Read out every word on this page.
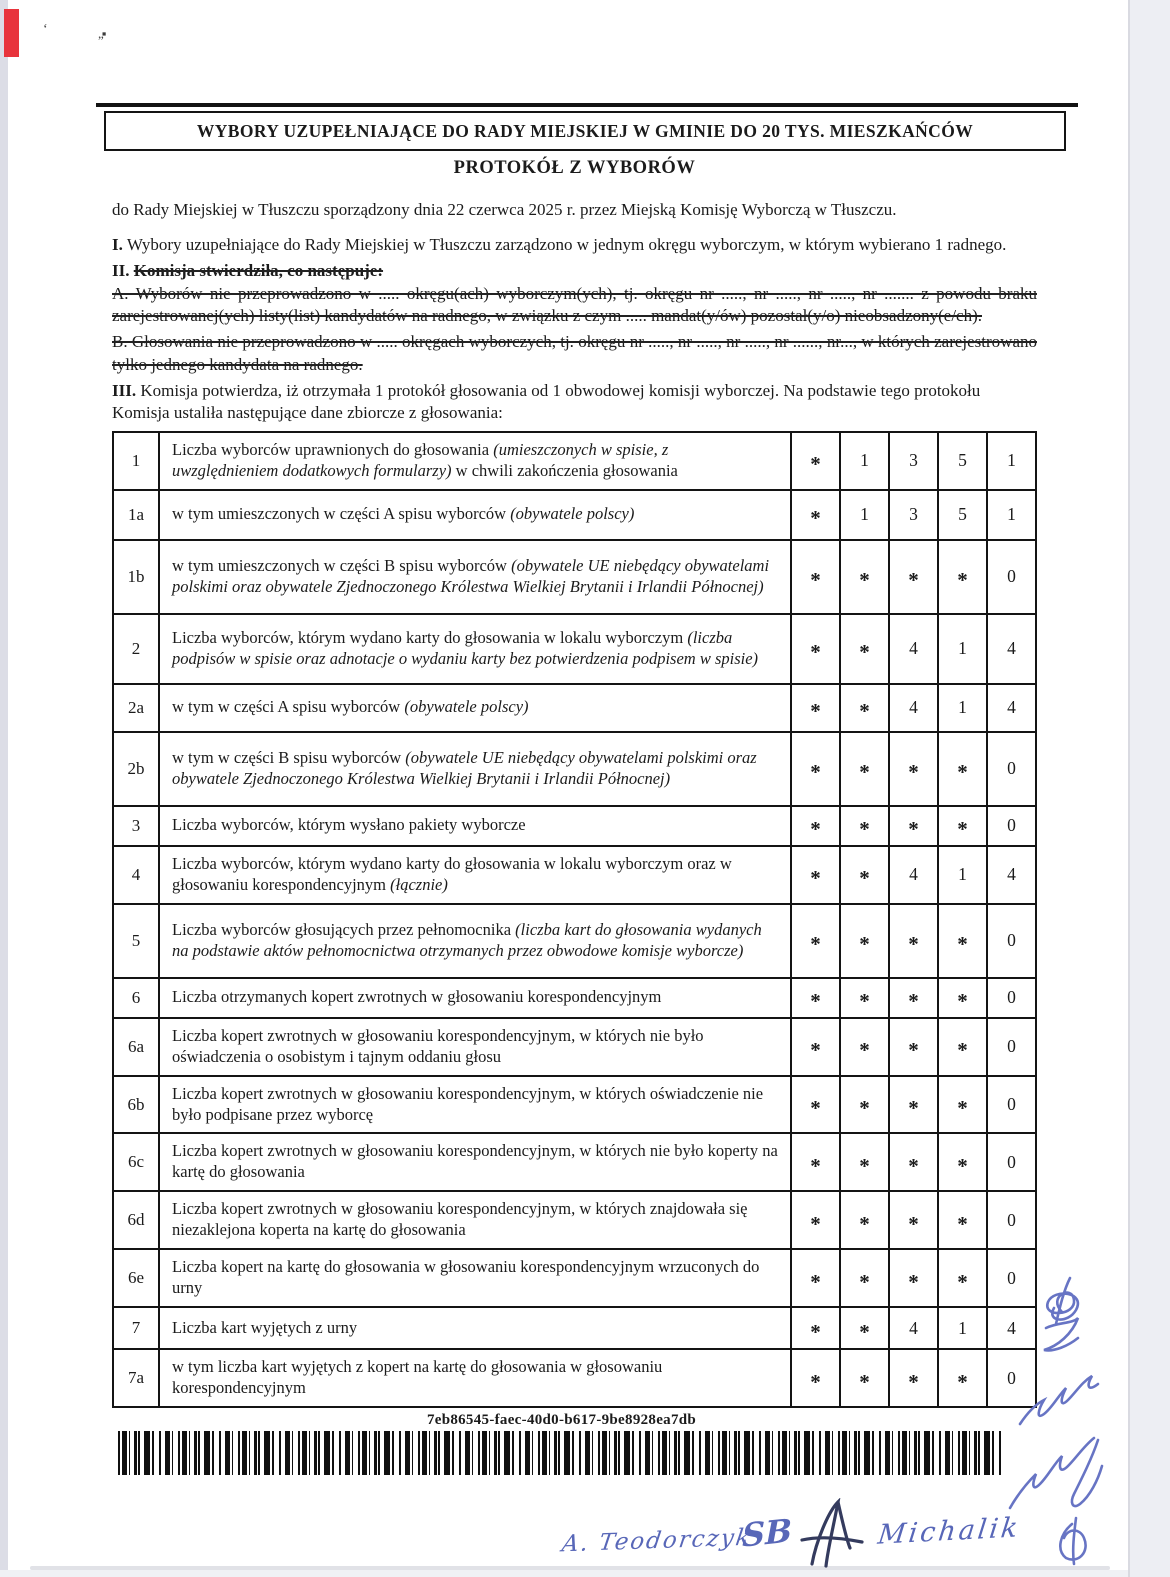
‘	„▪
WYBORY UZUPEŁNIAJĄCE DO RADY MIEJSKIEJ W GMINIE DO 20 TYS. MIESZKAŃCÓW
PROTOKÓŁ Z WYBORÓW

do Rady Miejskiej w Tłuszczu sporządzony dnia 22 czerwca 2025 r. przez Miejską Komisję Wyborczą w Tłuszczu.

I. Wybory uzupełniające do Rady Miejskiej w Tłuszczu zarządzono w jednym okręgu wyborczym, w którym wybierano 1 radnego.

II. Komisja stwierdziła, co następuje:

A. Wyborów nie przeprowadzono w ..... okręgu(ach) wyborczym(ych), tj. okręgu nr ....., nr ....., nr ....., nr ....... z powodu braku zarejestrowanej(ych) listy(list) kandydatów na radnego, w związku z czym ..... mandat(y/ów) pozostał(y/o) nieobsadzony(e/ch).

B. Głosowania nie przeprowadzono w ..... okręgach wyborczych, tj. okręgu nr ....., nr ....., nr ....., nr ......, nr..., w których zarejestrowano tylko jednego kandydata na radnego.

III. Komisja potwierdza, iż otrzymała 1 protokół głosowania od 1 obwodowej komisji wyborczej. Na podstawie tego protokołu Komisja ustaliła następujące dane zbiorcze z głosowania:

1	Liczba wyborców uprawnionych do głosowania (umieszczonych w spisie, z uwzględnieniem dodatkowych formularzy) w chwili zakończenia głosowania	*	1	3	5	1
1a	w tym umieszczonych w części A spisu wyborców (obywatele polscy)	*	1	3	5	1
1b	w tym umieszczonych w części B spisu wyborców (obywatele UE niebędący obywatelami polskimi oraz obywatele Zjednoczonego Królestwa Wielkiej Brytanii i Irlandii Północnej)	*	*	*	*	0
2	Liczba wyborców, którym wydano karty do głosowania w lokalu wyborczym (liczba podpisów w spisie oraz adnotacje o wydaniu karty bez potwierdzenia podpisem w spisie)	*	*	4	1	4
2a	w tym w części A spisu wyborców (obywatele polscy)	*	*	4	1	4
2b	w tym w części B spisu wyborców (obywatele UE niebędący obywatelami polskimi oraz obywatele Zjednoczonego Królestwa Wielkiej Brytanii i Irlandii Północnej)	*	*	*	*	0
3	Liczba wyborców, którym wysłano pakiety wyborcze	*	*	*	*	0
4	Liczba wyborców, którym wydano karty do głosowania w lokalu wyborczym oraz w głosowaniu korespondencyjnym (łącznie)	*	*	4	1	4
5	Liczba wyborców głosujących przez pełnomocnika (liczba kart do głosowania wydanych na podstawie aktów pełnomocnictwa otrzymanych przez obwodowe komisje wyborcze)	*	*	*	*	0
6	Liczba otrzymanych kopert zwrotnych w głosowaniu korespondencyjnym	*	*	*	*	0
6a	Liczba kopert zwrotnych w głosowaniu korespondencyjnym, w których nie było oświadczenia o osobistym i tajnym oddaniu głosu	*	*	*	*	0
6b	Liczba kopert zwrotnych w głosowaniu korespondencyjnym, w których oświadczenie nie było podpisane przez wyborcę	*	*	*	*	0
6c	Liczba kopert zwrotnych w głosowaniu korespondencyjnym, w których nie było koperty na kartę do głosowania	*	*	*	*	0
6d	Liczba kopert zwrotnych w głosowaniu korespondencyjnym, w których znajdowała się niezaklejona koperta na kartę do głosowania	*	*	*	*	0
6e	Liczba kopert na kartę do głosowania w głosowaniu korespondencyjnym wrzuconych do urny	*	*	*	*	0
7	Liczba kart wyjętych z urny	*	*	4	1	4
7a	w tym liczba kart wyjętych z kopert na kartę do głosowania w głosowaniu korespondencyjnym	*	*	*	*	0
7eb86545-faec-40d0-b617-9be8928ea7db
A. Teodorczyk
SB	Michalik
